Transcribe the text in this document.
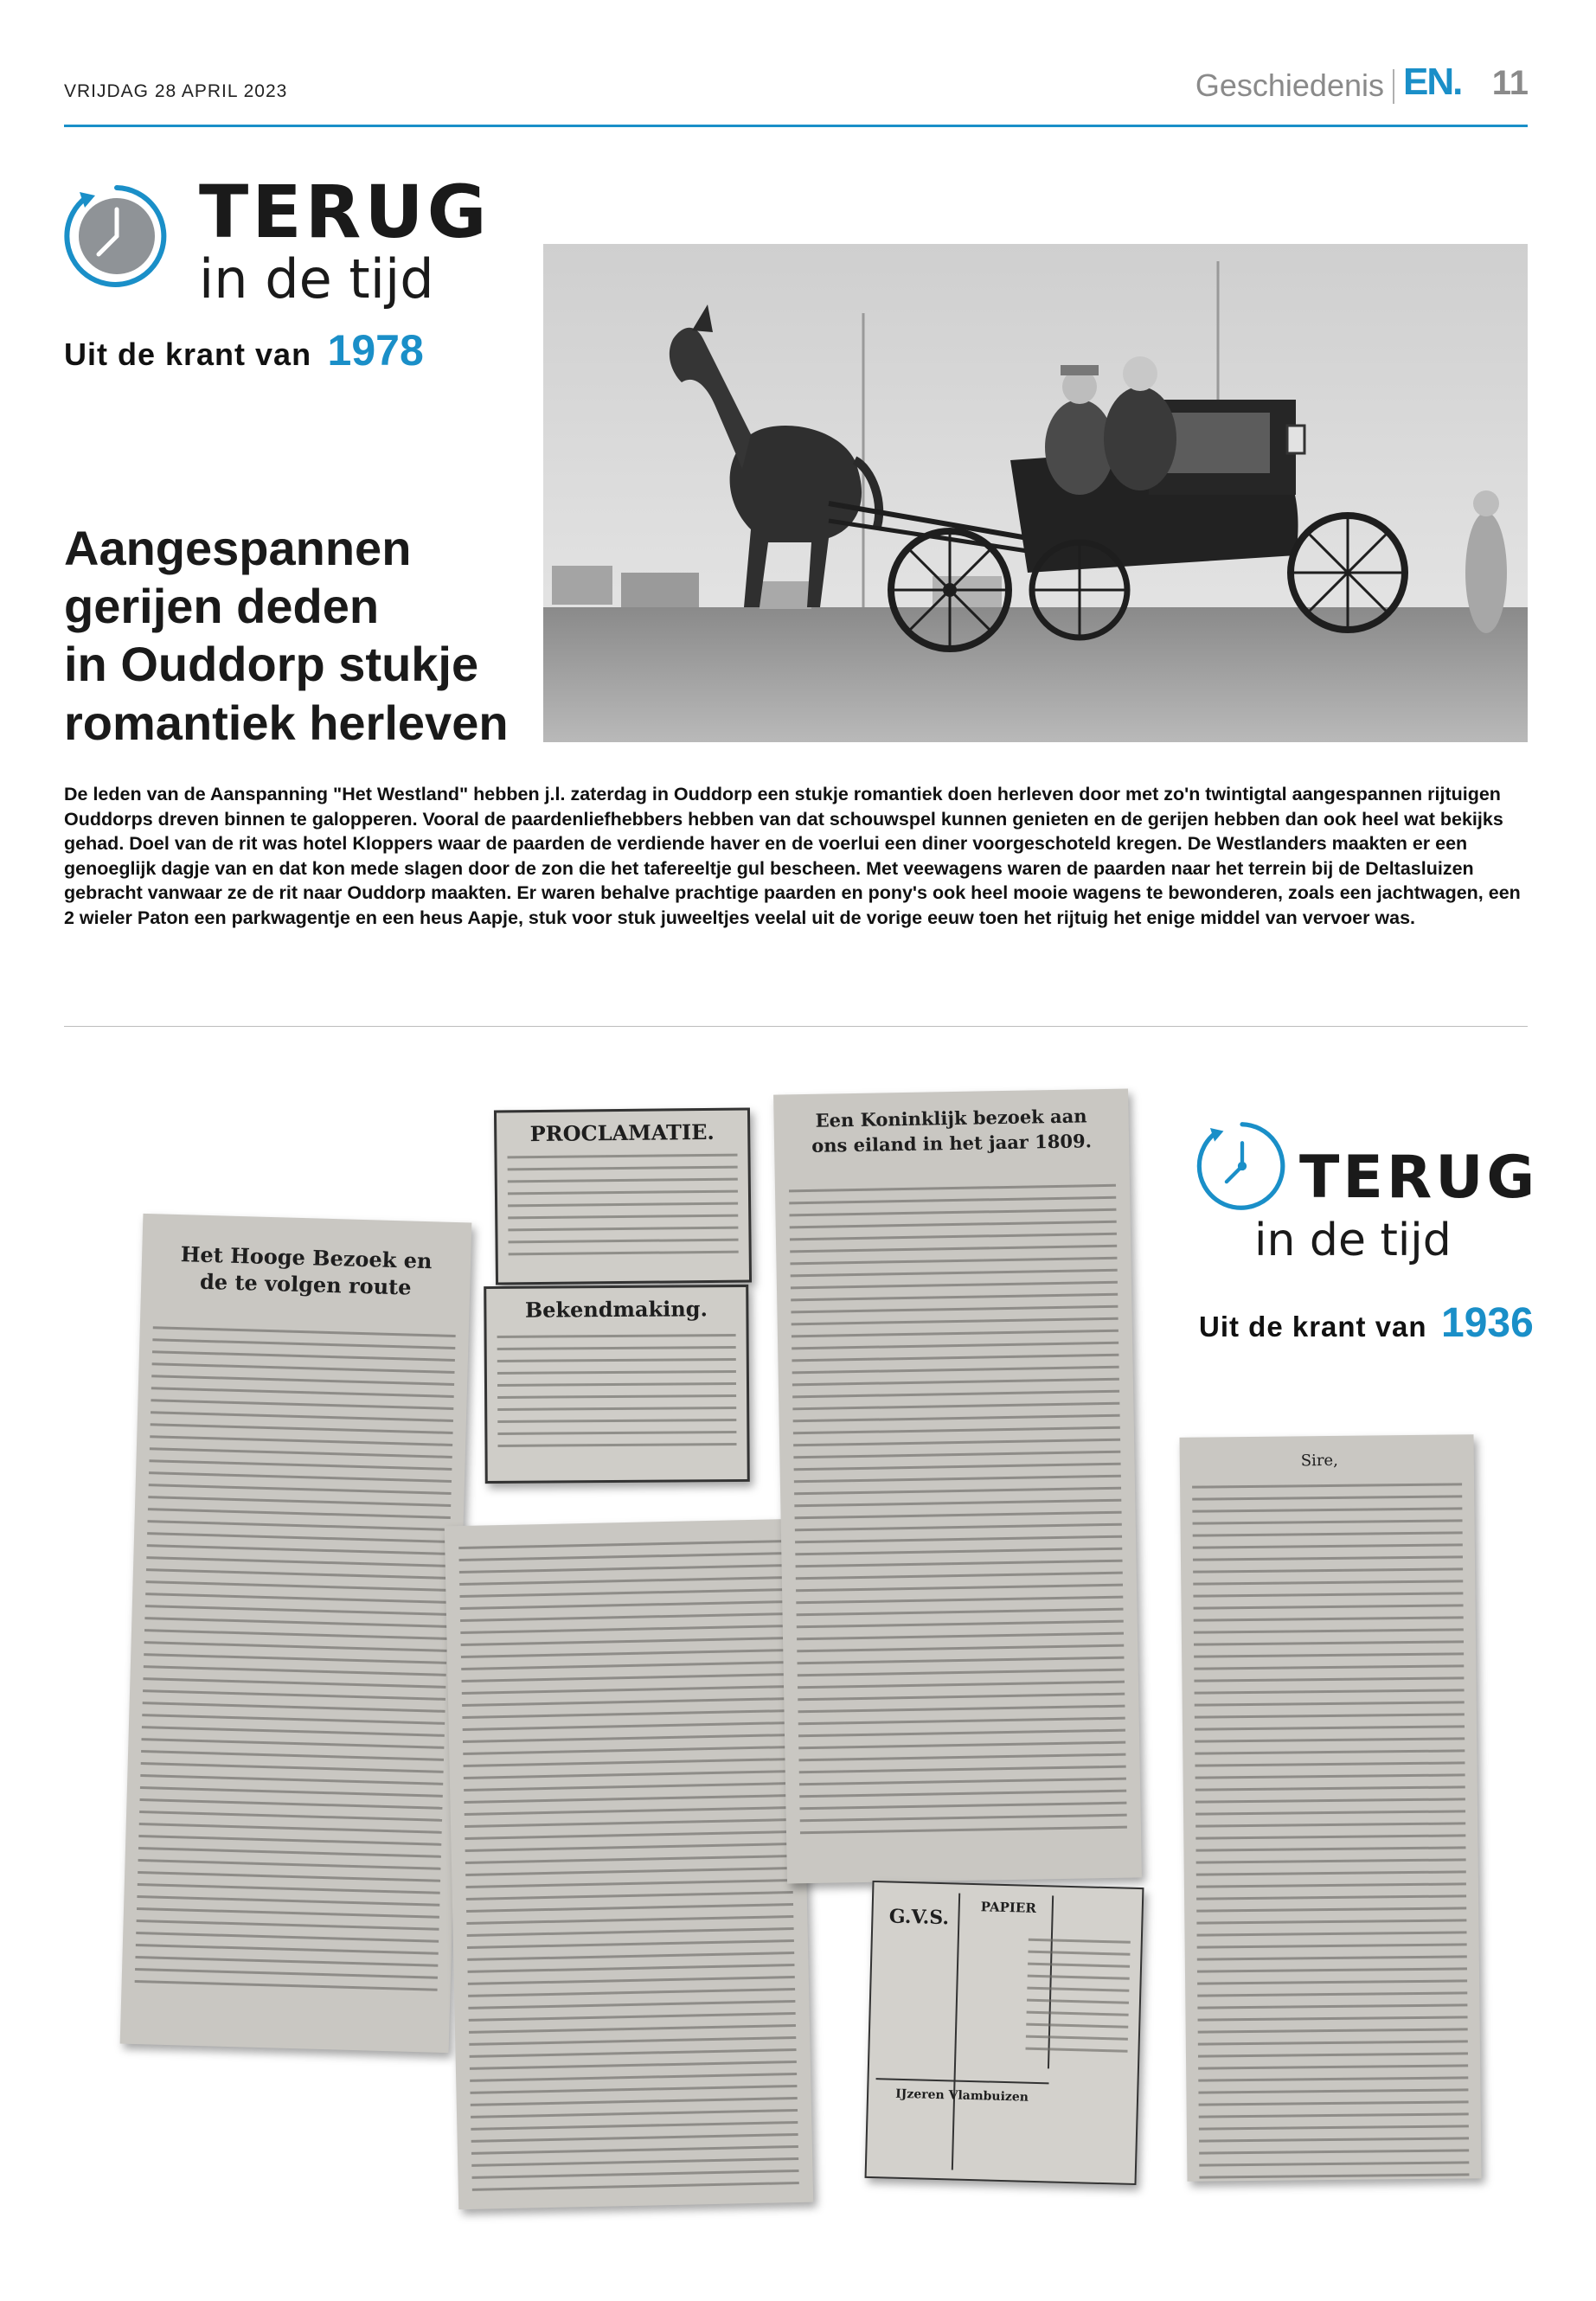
VRIJDAG 28 APRIL 2023	Geschiedenis EN. 11
TERUG
in de tijd
Uit de krant van 1978
Aangespannen
gerijen deden
in Ouddorp stukje
romantiek herleven
De leden van de Aanspanning "Het Westland" hebben j.l. zaterdag in Ouddorp een stukje romantiek doen herleven door met zo'n twintigtal aangespannen rijtuigen Ouddorps dreven binnen te galopperen. Vooral de paardenliefhebbers hebben van dat schouwspel kunnen genieten en de gerijen hebben dan ook heel wat bekijks gehad. Doel van de rit was hotel Kloppers waar de paarden de verdiende haver en de voerlui een diner voorgeschoteld kregen. De Westlanders maakten er een genoeglijk dagje van en dat kon mede slagen door de zon die het tafereeltje gul bescheen. Met veewagens waren de paarden naar het terrein bij de Deltasluizen gebracht vanwaar ze de rit naar Ouddorp maakten. Er waren behalve prachtige paarden en pony's ook heel mooie wagens te bewonderen, zoals een jachtwagen, een 2 wieler Paton een parkwagentje en een heus Aapje, stuk voor stuk juweeltjes veelal uit de vorige eeuw toen het rijtuig het enige middel van vervoer was.
Het Hooge Bezoek en de te volgen route
PROCLAMATIE.
Bekendmaking.
Een Koninklijk bezoek aan ons eiland in het jaar 1809.
G.V.S.	PAPIER
IJzeren Vlambuizen
Sire,
TERUG
in de tijd
Uit de krant van 1936
